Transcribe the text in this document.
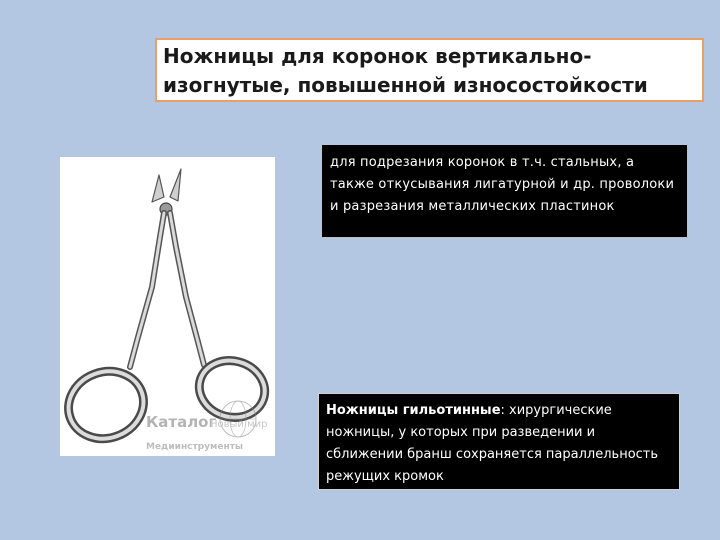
Ножницы для коронок вертикально-
изогнутые, повышенной износостойкости

Каталог
Новый мир
Медиинструменты
для подрезания коронок в т.ч. стальных, а также откусывания лигатурной и др. проволоки и разрезания металлических пластинок
Ножницы гильотинные: хирургические ножницы, у которых при разведении и сближении бранш сохраняется параллельность режущих кромок
